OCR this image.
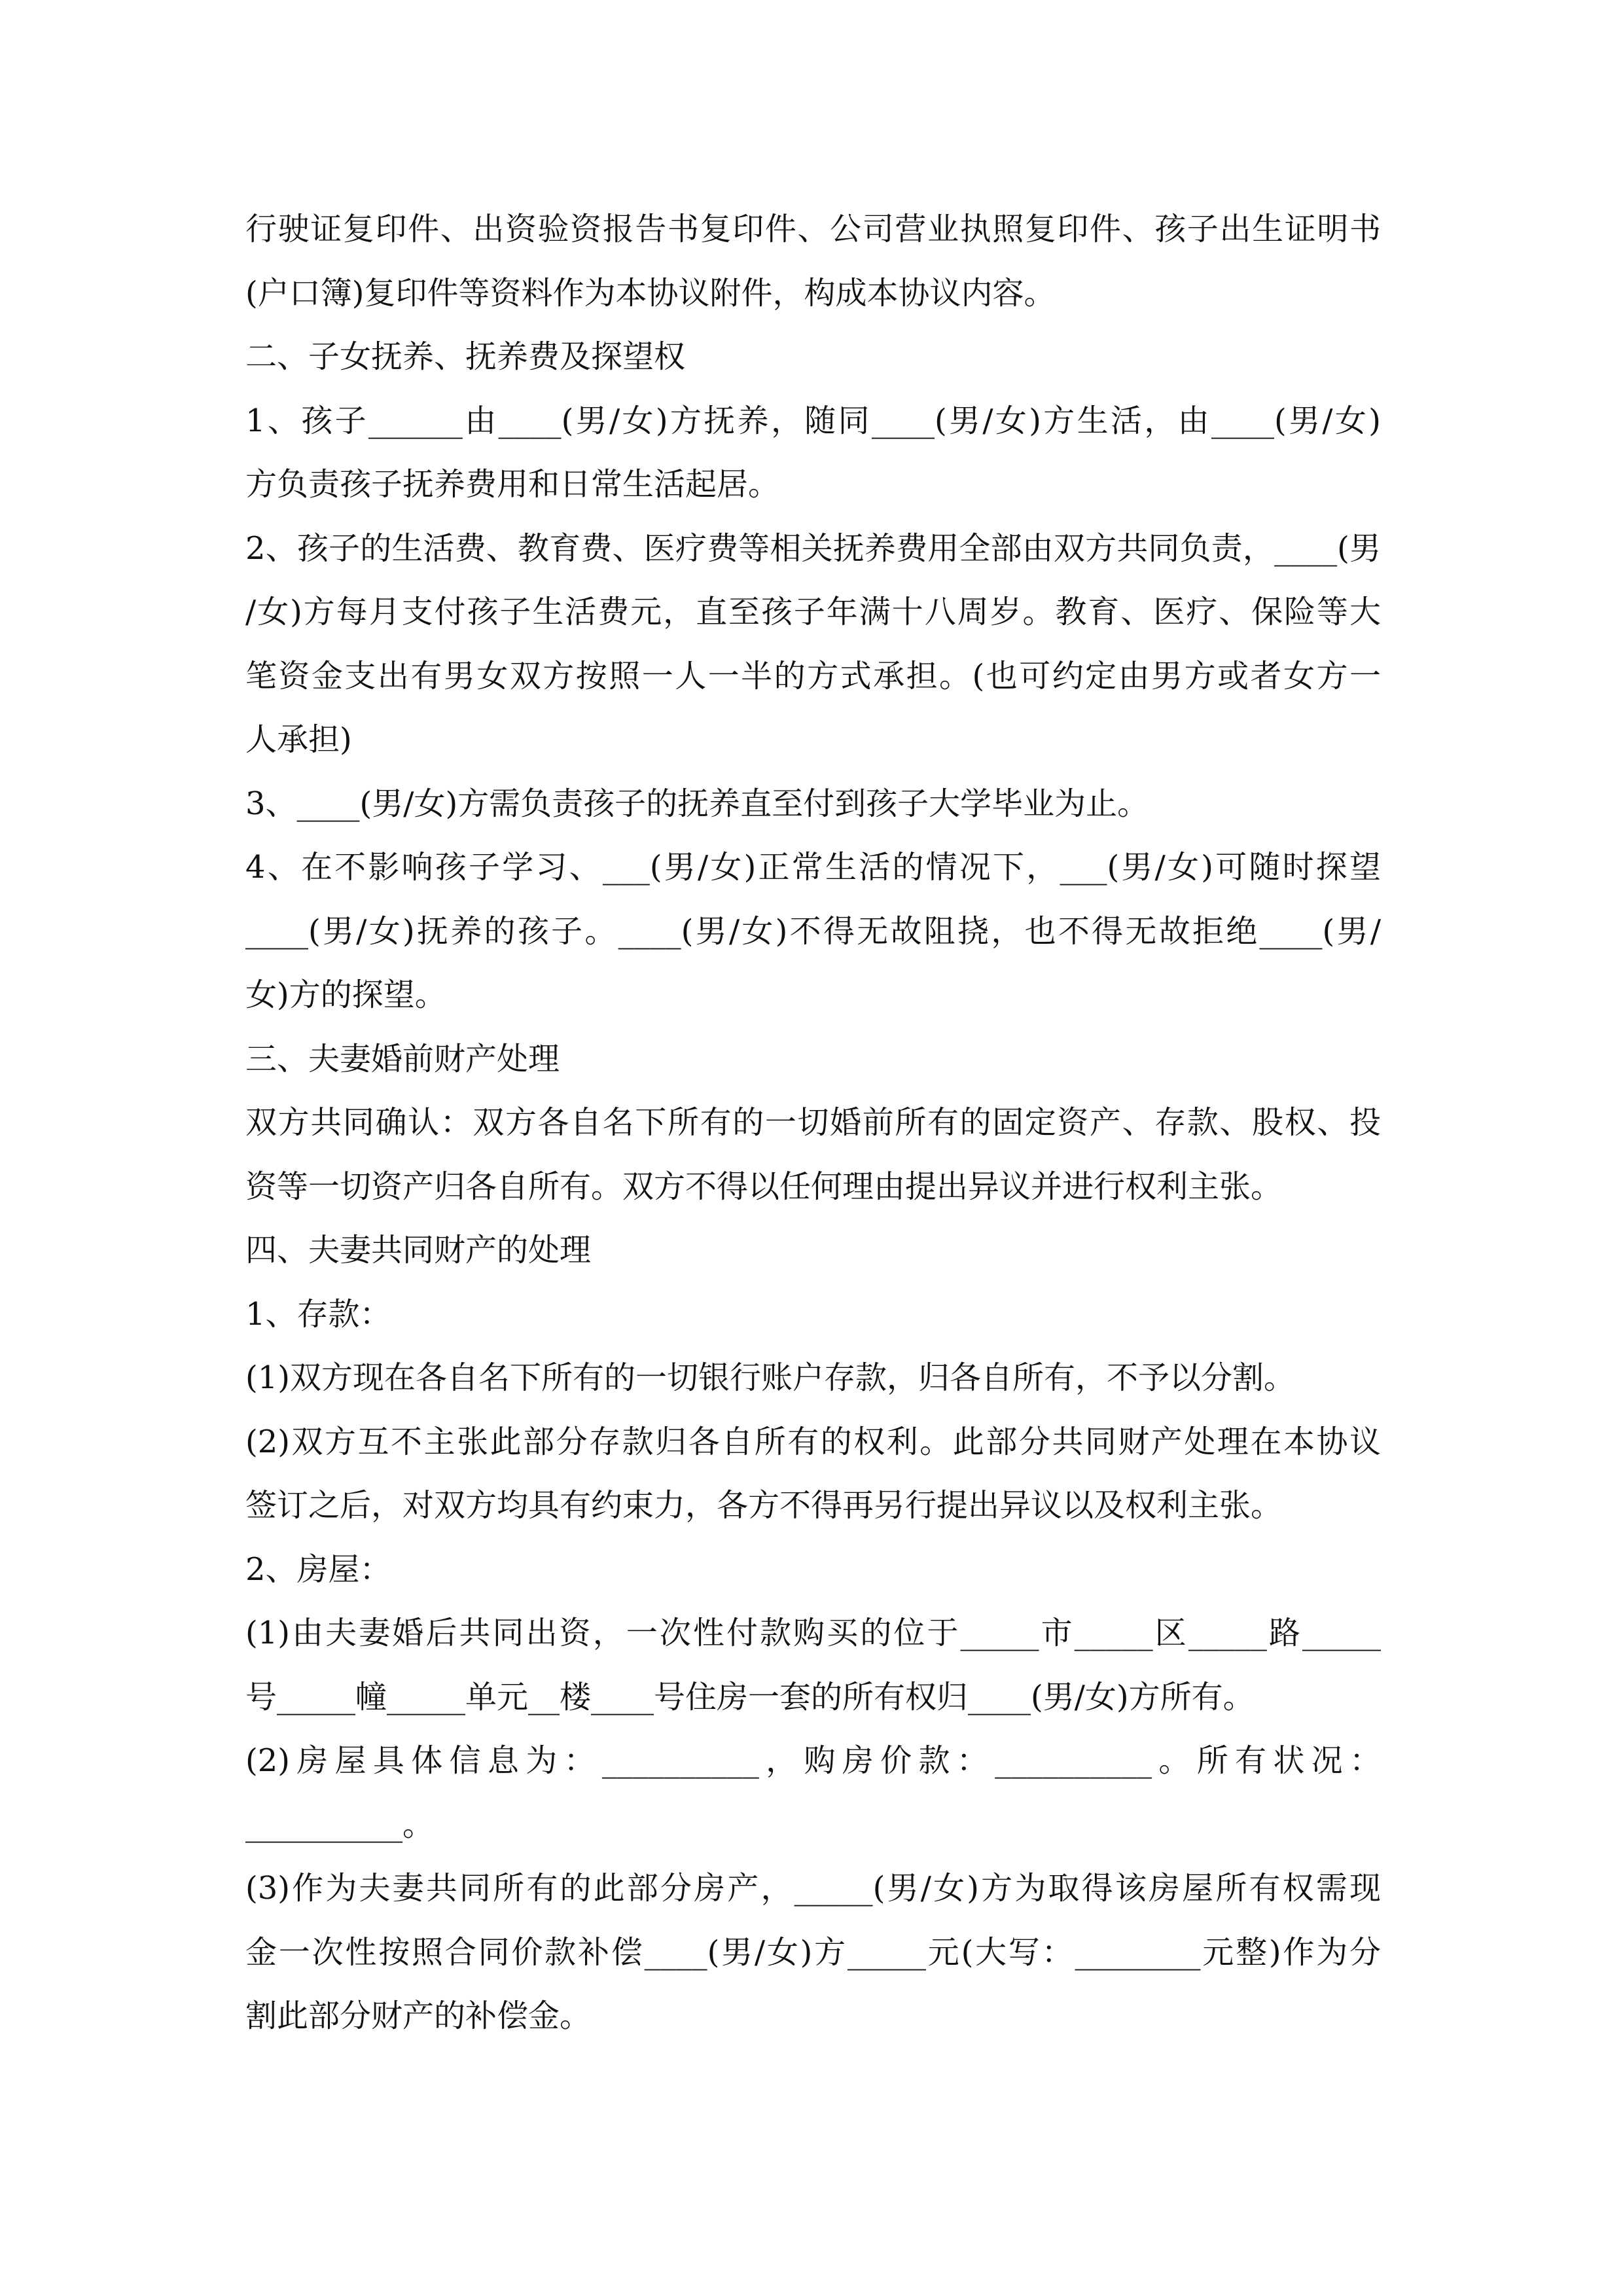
行驶证复印件、出资验资报告书复印件、公司营业执照复印件、孩子出生证明书
(户口簿)复印件等资料作为本协议附件，构成本协议内容。
二、子女抚养、抚养费及探望权
1、孩子______由____(男/女)方抚养，随同____(男/女)方生活，由____(男/女)
方负责孩子抚养费用和日常生活起居。
2、孩子的生活费、教育费、医疗费等相关抚养费用全部由双方共同负责，____(男
/女)方每月支付孩子生活费元，直至孩子年满十八周岁。教育、医疗、保险等大
笔资金支出有男女双方按照一人一半的方式承担。(也可约定由男方或者女方一
人承担)
3、____(男/女)方需负责孩子的抚养直至付到孩子大学毕业为止。
4、在不影响孩子学习、___(男/女)正常生活的情况下，___(男/女)可随时探望
____(男/女)抚养的孩子。____(男/女)不得无故阻挠，也不得无故拒绝____(男/
女)方的探望。
三、夫妻婚前财产处理
双方共同确认：双方各自名下所有的一切婚前所有的固定资产、存款、股权、投
资等一切资产归各自所有。双方不得以任何理由提出异议并进行权利主张。
四、夫妻共同财产的处理
1、存款：
(1)双方现在各自名下所有的一切银行账户存款，归各自所有，不予以分割。
(2)双方互不主张此部分存款归各自所有的权利。此部分共同财产处理在本协议
签订之后，对双方均具有约束力，各方不得再另行提出异议以及权利主张。
2、房屋：
(1)由夫妻婚后共同出资，一次性付款购买的位于_____市_____区_____路_____
号_____幢_____单元__楼____号住房一套的所有权归____(男/女)方所有。
(2)房屋具体信息为：__________，购房价款：__________。所有状况：
__________。
(3)作为夫妻共同所有的此部分房产，_____(男/女)方为取得该房屋所有权需现
金一次性按照合同价款补偿____(男/女)方_____元(大写：________元整)作为分
割此部分财产的补偿金。
